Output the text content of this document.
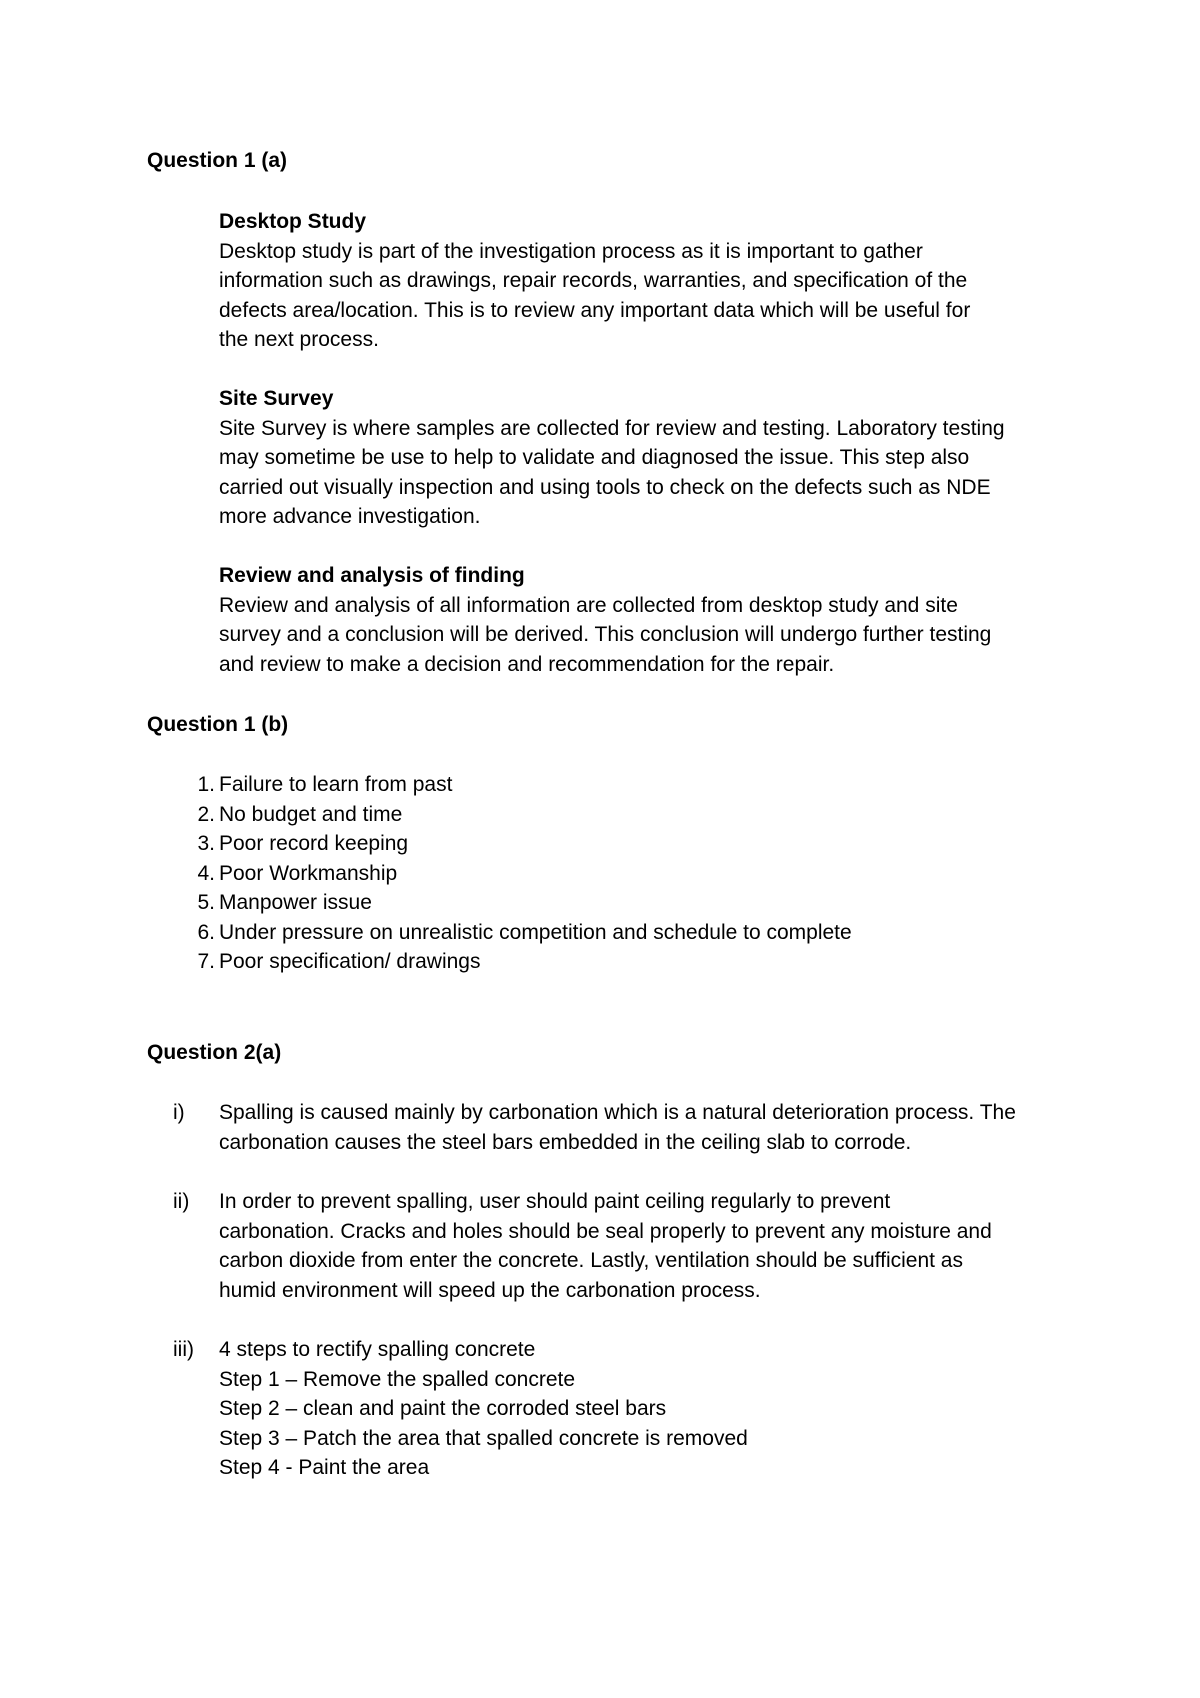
Question 1 (a)

Desktop Study

Desktop study is part of the investigation process as it is important to gather

information such as drawings, repair records, warranties, and specification of the

defects area/location. This is to review any important data which will be useful for

the next process.

Site Survey

Site Survey is where samples are collected for review and testing. Laboratory testing

may sometime be use to help to validate and diagnosed the issue. This step also

carried out visually inspection and using tools to check on the defects such as NDE

more advance investigation.

Review and analysis of finding

Review and analysis of all information are collected from desktop study and site

survey and a conclusion will be derived. This conclusion will undergo further testing

and review to make a decision and recommendation for the repair.

Question 1 (b)

1. Failure to learn from past
2. No budget and time
3. Poor record keeping
4. Poor Workmanship
5. Manpower issue
6. Under pressure on unrealistic competition and schedule to complete
7. Poor specification/ drawings

Question 2(a)

i)	Spalling is caused mainly by carbonation which is a natural deterioration process. The

carbonation causes the steel bars embedded in the ceiling slab to corrode.

ii)	In order to prevent spalling, user should paint ceiling regularly to prevent

carbonation. Cracks and holes should be seal properly to prevent any moisture and

carbon dioxide from enter the concrete. Lastly, ventilation should be sufficient as

humid environment will speed up the carbonation process.

iii)	4 steps to rectify spalling concrete

Step 1 – Remove the spalled concrete

Step 2 – clean and paint the corroded steel bars

Step 3 – Patch the area that spalled concrete is removed

Step 4 - Paint the area
